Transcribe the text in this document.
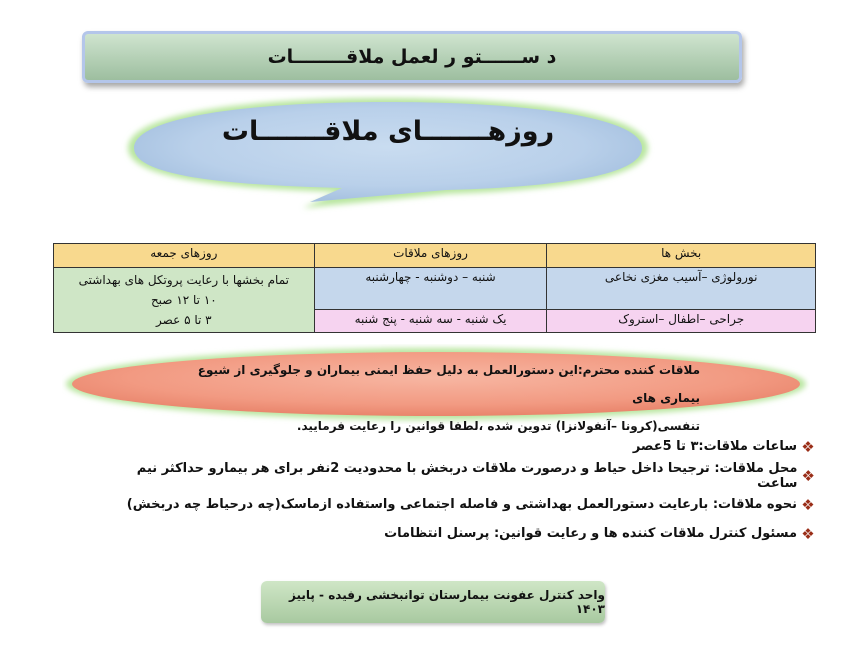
د ســــــتو ر لعمل ملاقــــــــات
روزهـــــــای ملاقـــــــات
بخش ها	روزهای ملاقات	روزهای جمعه
نورولوژی –آسیب مغزی نخاعی	شنبه – دوشنبه - چهارشنبه	تمام بخشها با رعایت پروتکل های بهداشتی
۱۰ تا ۱۲ صبح
۳ تا ۵ عصر

جراحی –اطفال –استروک	یک شنبه - سه شنبه - پنج شنبه	
ملاقات کننده محترم:این دستورالعمل به دلیل حفظ ایمنی بیماران و جلوگیری از شیوع بیماری های
تنفسی(کرونا –آنفولانزا) تدوین شده ،لطفا قوانین را رعایت فرمایید.
❖
ساعات ملاقات:۳ تا 5عصر
❖
محل ملاقات: ترجیحا داخل حیاط و درصورت ملاقات دربخش با محدودیت 2نفر برای هر بیمارو حداکثر نیم ساعت
❖
نحوه ملاقات: بارعایت دستورالعمل بهداشتی و فاصله اجتماعی واستفاده ازماسک(چه درحیاط چه دربخش)
❖
مسئول کنترل ملاقات کننده ها و رعایت قوانین: پرسنل انتظامات
واحد کنترل عفونت بیمارستان توانبخشی رفیده - پاییز ۱۴۰۳
